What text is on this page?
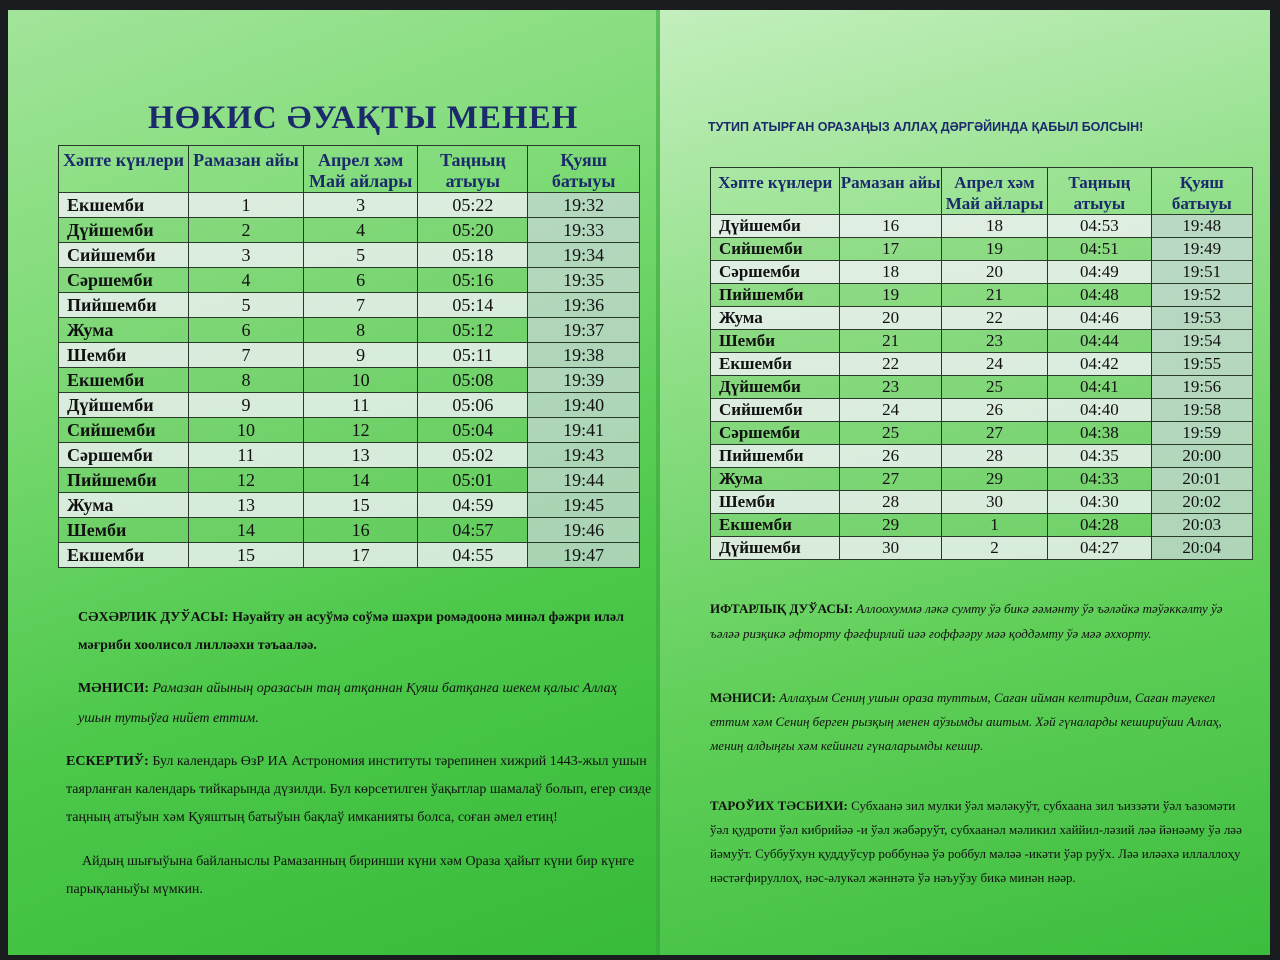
НӨКИС ӘУАҚТЫ МЕНЕН
Хәпте күнлери	Рамазан айы	Апрел хәм Май айлары	Таңның атыуы	Қуяш батыуы
Екшемби	1	3	05:22	19:32
Дүйшемби	2	4	05:20	19:33
Сийшемби	3	5	05:18	19:34
Сәршемби	4	6	05:16	19:35
Пийшемби	5	7	05:14	19:36
Жума	6	8	05:12	19:37
Шемби	7	9	05:11	19:38
Екшемби	8	10	05:08	19:39
Дүйшемби	9	11	05:06	19:40
Сийшемби	10	12	05:04	19:41
Сәршемби	11	13	05:02	19:43
Пийшемби	12	14	05:01	19:44
Жума	13	15	04:59	19:45
Шемби	14	16	04:57	19:46
Екшемби	15	17	04:55	19:47
СӘХӘРЛИК ДУЎАСЫ: Нәуайту ән асуўмә соўмә шәхри ромәдоонә минәл фәжри илəл мәғриби хоолисол лиллəәхи тәъаалəә.
МӘНИСИ: Рамазан айының оразасын таң атқаннан Қуяш батқанға шекем қалыс Аллаҳ ушын тутыўға нийет еттим.
ЕСКЕРТИЎ: Бул календарь ӨзР ИА Астрономия институты тәрепинен хижрий 1443-жыл ушын таярланған календарь тийкарында дүзилди. Бул көрсетилген ўақытлар шамалаў болып, егер сизде таңның атыўын хәм Қуяштың батыўын бақлаў имканияты болса, соған әмел етиң!
Айдың шығыўына байланыслы Рамазанның биринши күни хәм Ораза ҳайыт күни бир күнге парықланыўы мүмкин.
ТУТИП АТЫРҒАН ОРАЗАҢЫЗ АЛЛАҲ ДӘРГӘЙИНДА ҚАБЫЛ БОЛСЫН!
Хәпте күнлери	Рамазан айы	Апрел хәм Май айлары	Таңның атыуы	Қуяш батыуы
Дүйшемби	16	18	04:53	19:48
Сийшемби	17	19	04:51	19:49
Сәршемби	18	20	04:49	19:51
Пийшемби	19	21	04:48	19:52
Жума	20	22	04:46	19:53
Шемби	21	23	04:44	19:54
Екшемби	22	24	04:42	19:55
Дүйшемби	23	25	04:41	19:56
Сийшемби	24	26	04:40	19:58
Сәршемби	25	27	04:38	19:59
Пийшемби	26	28	04:35	20:00
Жума	27	29	04:33	20:01
Шемби	28	30	04:30	20:02
Екшемби	29	1	04:28	20:03
Дүйшемби	30	2	04:27	20:04
ИФТАРЛЫҚ ДУЎАСЫ: Аллоохуммә ләкә сумту ўә бикә әәмәнту ўә ъәләйкә тәўәккәлту ўә ъәлəә ризқикә әфторту фәғфирлий иәә ғоффәәру мәә қоддәмту ўә мәә әххорту.
МӘНИСИ: Аллаҳым Сениң ушын ораза туттым, Саған ийман келтирдим, Саған тәуекел еттим хәм Сениң берген рызқың менен аўзымды аштым. Хәй гүналарды кешириўши Аллаҳ, мениң алдыңғы хәм кейинги гүналарымды кешир.
ТАРОЎИХ ТӘСБИХИ: Субхаанә зил мулки ўәл мәләкуўт, субхаана зил ъиззәти ўәл ъазомәти ўәл қудроти ўәл кибрийәә -и ўәл жәбәруўт, субхаанәл мәликил хаййил-ләзий ләә йәнәәму ўә ләә йәмуўт. Суббуўхун қуддуўсур роббунәә ўә роббул мәләә -икәти ўәр руўх. Ләә иләәхә иллаллоҳу нәстәғфируллоҳ, нәс-әлукәл жәннәтә ўә нәъуўзу бикә минән нәәр.
